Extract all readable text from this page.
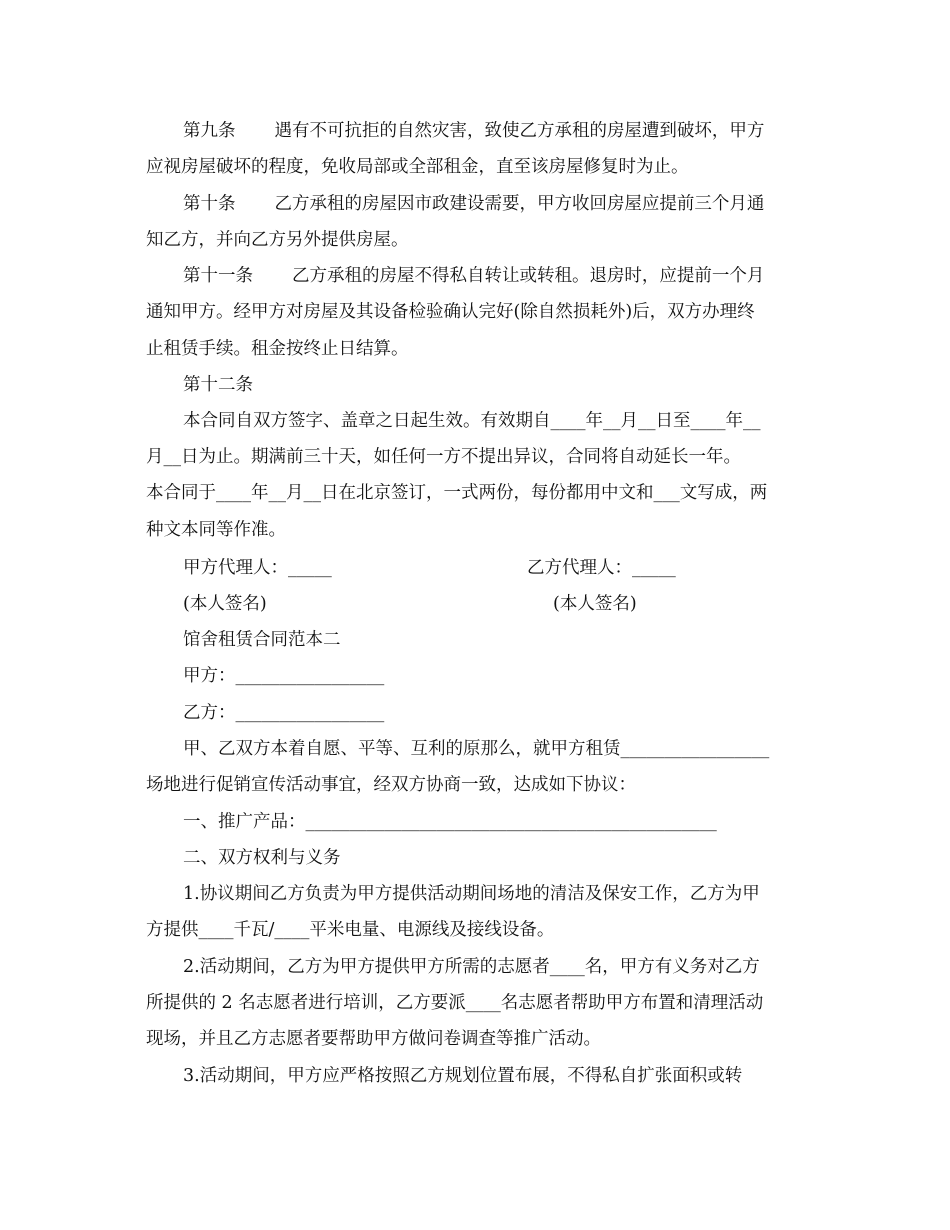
第九条       遇有不可抗拒的自然灾害，致使乙方承租的房屋遭到破坏，甲方
应视房屋破坏的程度，免收局部或全部租金，直至该房屋修复时为止。
第十条       乙方承租的房屋因市政建设需要，甲方收回房屋应提前三个月通
知乙方，并向乙方另外提供房屋。
第十一条       乙方承租的房屋不得私自转让或转租。退房时，应提前一个月
通知甲方。经甲方对房屋及其设备检验确认完好(除自然损耗外)后，双方办理终
止租赁手续。租金按终止日结算。
第十二条
本合同自双方签字、盖章之日起生效。有效期自____年__月__日至____年__
月__日为止。期满前三十天，如任何一方不提出异议，合同将自动延长一年。
本合同于____年__月__日在北京签订，一式两份，每份都用中文和___文写成，两
种文本同等作准。
甲方代理人：_____	乙方代理人：_____
(本人签名)	(本人签名)
馆舍租赁合同范本二
甲方：_________________
乙方：_________________
甲、乙双方本着自愿、平等、互利的原那么，就甲方租赁_________________
场地进行促销宣传活动事宜，经双方协商一致，达成如下协议：
一、推广产品：_______________________________________________
二、双方权利与义务
1.协议期间乙方负责为甲方提供活动期间场地的清洁及保安工作，乙方为甲
方提供____千瓦/____平米电量、电源线及接线设备。
2.活动期间，乙方为甲方提供甲方所需的志愿者____名，甲方有义务对乙方
所提供的 2 名志愿者进行培训，乙方要派____名志愿者帮助甲方布置和清理活动
现场，并且乙方志愿者要帮助甲方做问卷调查等推广活动。
3.活动期间，甲方应严格按照乙方规划位置布展，不得私自扩张面积或转
